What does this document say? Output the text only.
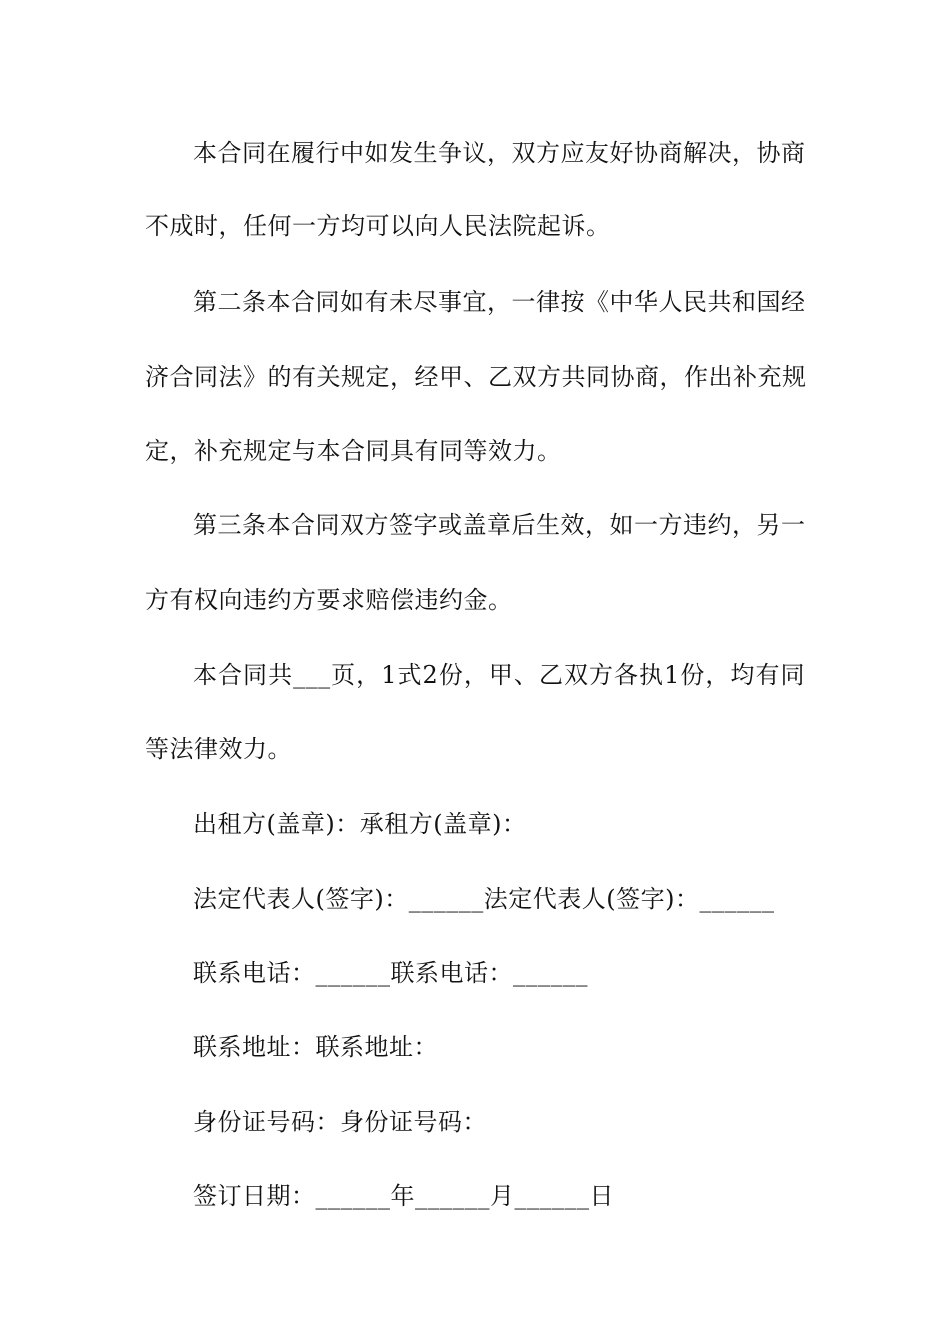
本合同在履行中如发生争议，双方应友好协商解决，协商
不成时，任何一方均可以向人民法院起诉。
第二条本合同如有未尽事宜，一律按《中华人民共和国经
济合同法》的有关规定，经甲、乙双方共同协商，作出补充规
定，补充规定与本合同具有同等效力。
第三条本合同双方签字或盖章后生效，如一方违约，另一
方有权向违约方要求赔偿违约金。
本合同共___页，1式2份，甲、乙双方各执1份，均有同
等法律效力。
出租方(盖章)：承租方(盖章)：
法定代表人(签字)：______法定代表人(签字)：______
联系电话：______联系电话：______
联系地址：联系地址：
身份证号码：身份证号码：
签订日期：______年______月______日
